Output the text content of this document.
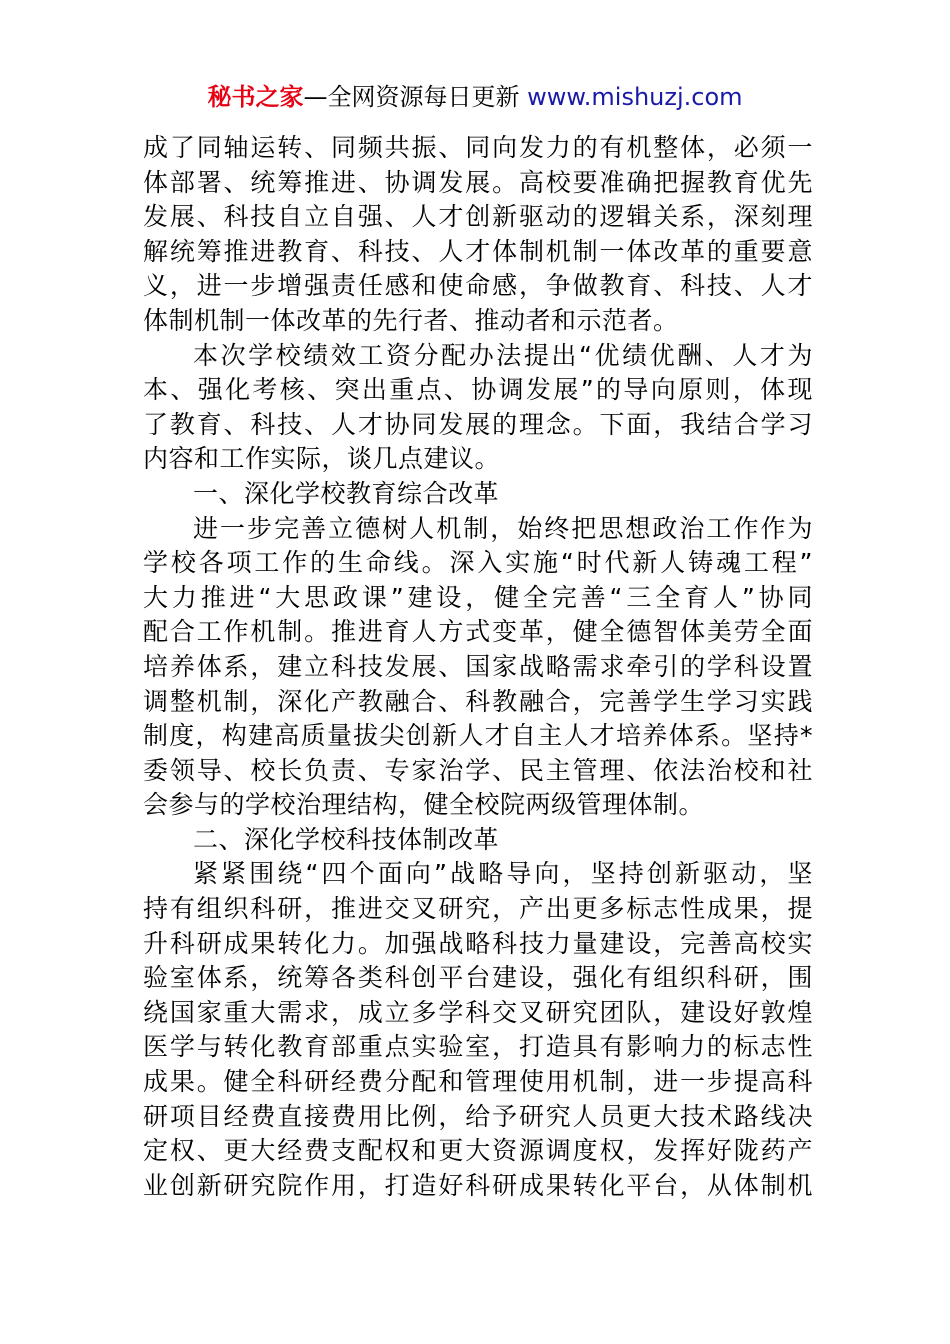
秘书之家—全网资源每日更新 www.mishuzj.com
成了同轴运转、同频共振、同向发力的有机整体，必须一
体部署、统筹推进、协调发展。高校要准确把握教育优先
发展、科技自立自强、人才创新驱动的逻辑关系，深刻理
解统筹推进教育、科技、人才体制机制一体改革的重要意
义，进一步增强责任感和使命感，争做教育、科技、人才
体制机制一体改革的先行者、推动者和示范者。
本次学校绩效工资分配办法提出“优绩优酬、人才为
本、强化考核、突出重点、协调发展”的导向原则，体现
了教育、科技、人才协同发展的理念。下面，我结合学习
内容和工作实际，谈几点建议。
一、深化学校教育综合改革
进一步完善立德树人机制，始终把思想政治工作作为
学校各项工作的生命线。深入实施“时代新人铸魂工程”
大力推进“大思政课”建设，健全完善“三全育人”协同
配合工作机制。推进育人方式变革，健全德智体美劳全面
培养体系，建立科技发展、国家战略需求牵引的学科设置
调整机制，深化产教融合、科教融合，完善学生学习实践
制度，构建高质量拔尖创新人才自主人才培养体系。坚持*
委领导、校长负责、专家治学、民主管理、依法治校和社
会参与的学校治理结构，健全校院两级管理体制。
二、深化学校科技体制改革
紧紧围绕“四个面向”战略导向，坚持创新驱动，坚
持有组织科研，推进交叉研究，产出更多标志性成果，提
升科研成果转化力。加强战略科技力量建设，完善高校实
验室体系，统筹各类科创平台建设，强化有组织科研，围
绕国家重大需求，成立多学科交叉研究团队，建设好敦煌
医学与转化教育部重点实验室，打造具有影响力的标志性
成果。健全科研经费分配和管理使用机制，进一步提高科
研项目经费直接费用比例，给予研究人员更大技术路线决
定权、更大经费支配权和更大资源调度权，发挥好陇药产
业创新研究院作用，打造好科研成果转化平台，从体制机
